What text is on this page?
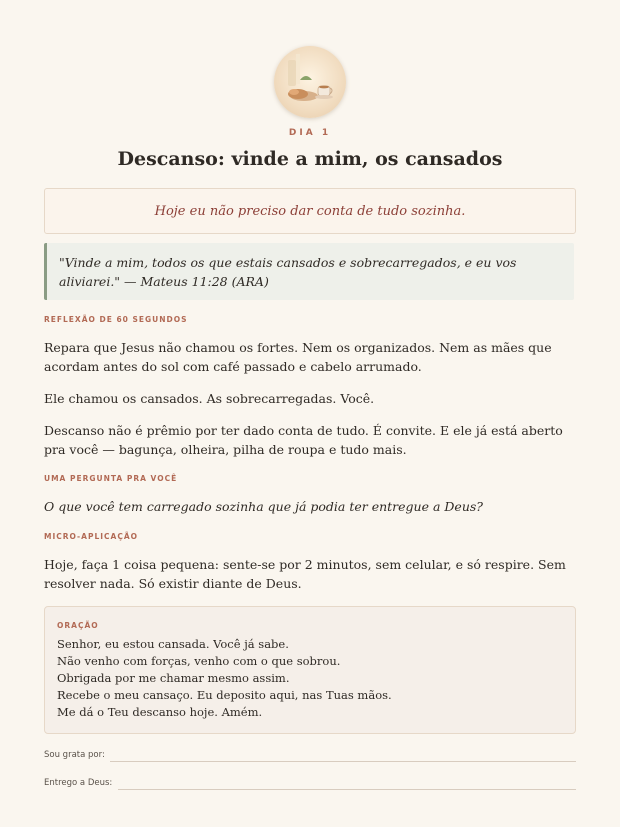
DIA 1
Descanso: vinde a mim, os cansados
Hoje eu não preciso dar conta de tudo sozinha.
"Vinde a mim, todos os que estais cansados e sobrecarregados, e eu vos aliviarei." — Mateus 11:28 (ARA)
REFLEXÃO DE 60 SEGUNDOS
Repara que Jesus não chamou os fortes. Nem os organizados. Nem as mães que acordam antes do sol com café passado e cabelo arrumado.
Ele chamou os cansados. As sobrecarregadas. Você.
Descanso não é prêmio por ter dado conta de tudo. É convite. E ele já está aberto pra você — bagunça, olheira, pilha de roupa e tudo mais.
UMA PERGUNTA PRA VOCÊ
O que você tem carregado sozinha que já podia ter entregue a Deus?
MICRO-APLICAÇÃO
Hoje, faça 1 coisa pequena: sente-se por 2 minutos, sem celular, e só respire. Sem resolver nada. Só existir diante de Deus.
ORAÇÃO
Senhor, eu estou cansada. Você já sabe.
Não venho com forças, venho com o que sobrou.
Obrigada por me chamar mesmo assim.
Recebe o meu cansaço. Eu deposito aqui, nas Tuas mãos.
Me dá o Teu descanso hoje. Amém.
Sou grata por:
Entrego a Deus:
